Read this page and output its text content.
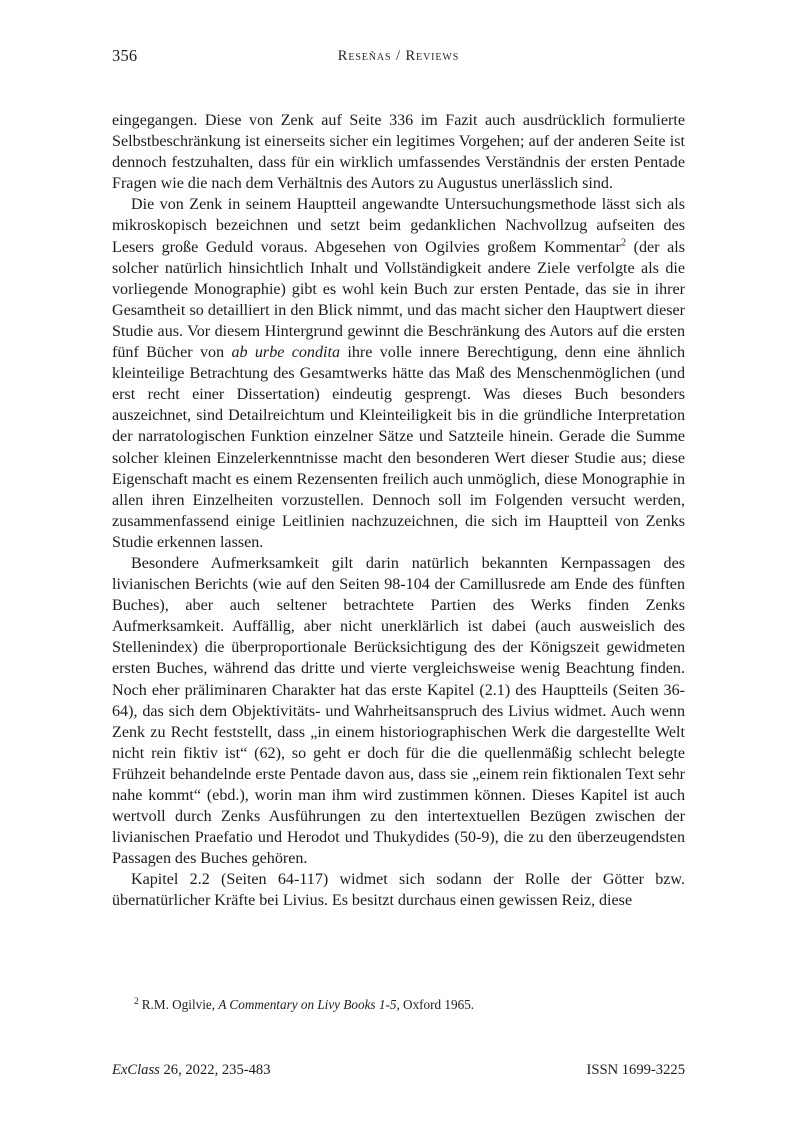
356	Reseñas / Reviews

eingegangen. Diese von Zenk auf Seite 336 im Fazit auch ausdrücklich formulierte Selbstbeschränkung ist einerseits sicher ein legitimes Vorgehen; auf der anderen Seite ist dennoch festzuhalten, dass für ein wirklich umfassendes Verständnis der ersten Pentade Fragen wie die nach dem Verhältnis des Autors zu Augustus unerlässlich sind.

Die von Zenk in seinem Hauptteil angewandte Untersuchungsmethode lässt sich als mikroskopisch bezeichnen und setzt beim gedanklichen Nachvollzug aufseiten des Lesers große Geduld voraus. Abgesehen von Ogilvies großem Kommentar$^2$ (der als solcher natürlich hinsichtlich Inhalt und Vollständigkeit andere Ziele verfolgte als die vorliegende Monographie) gibt es wohl kein Buch zur ersten Pentade, das sie in ihrer Gesamtheit so detailliert in den Blick nimmt, und das macht sicher den Hauptwert dieser Studie aus. Vor diesem Hintergrund gewinnt die Beschränkung des Autors auf die ersten fünf Bücher von ab urbe condita ihre volle innere Berechtigung, denn eine ähnlich kleinteilige Betrachtung des Gesamtwerks hätte das Maß des Menschenmöglichen (und erst recht einer Dissertation) eindeutig gesprengt. Was dieses Buch besonders auszeichnet, sind Detailreichtum und Kleinteiligkeit bis in die gründliche Interpretation der narratologischen Funktion einzelner Sätze und Satzteile hinein. Gerade die Summe solcher kleinen Einzelerkenntnisse macht den besonderen Wert dieser Studie aus; diese Eigenschaft macht es einem Rezensenten freilich auch unmöglich, diese Monographie in allen ihren Einzelheiten vorzustellen. Dennoch soll im Folgenden versucht werden, zusammenfassend einige Leitlinien nachzuzeichnen, die sich im Hauptteil von Zenks Studie erkennen lassen.

Besondere Aufmerksamkeit gilt darin natürlich bekannten Kernpassagen des livianischen Berichts (wie auf den Seiten 98-104 der Camillusrede am Ende des fünften Buches), aber auch seltener betrachtete Partien des Werks finden Zenks Aufmerksamkeit. Auffällig, aber nicht unerklärlich ist dabei (auch ausweislich des Stellenindex) die überproportionale Berücksichtigung des der Königszeit gewidmeten ersten Buches, während das dritte und vierte vergleichsweise wenig Beachtung finden. Noch eher präliminaren Charakter hat das erste Kapitel (2.1) des Hauptteils (Seiten 36-64), das sich dem Objektivitäts- und Wahrheitsanspruch des Livius widmet. Auch wenn Zenk zu Recht feststellt, dass „in einem historiographischen Werk die dargestellte Welt nicht rein fiktiv ist“ (62), so geht er doch für die die quellenmäßig schlecht belegte Frühzeit behandelnde erste Pentade davon aus, dass sie „einem rein fiktionalen Text sehr nahe kommt“ (ebd.), worin man ihm wird zustimmen können. Dieses Kapitel ist auch wertvoll durch Zenks Ausführungen zu den intertextuellen Bezügen zwischen der livianischen Praefatio und Herodot und Thukydides (50-9), die zu den überzeugendsten Passagen des Buches gehören.

Kapitel 2.2 (Seiten 64-117) widmet sich sodann der Rolle der Götter bzw. übernatürlicher Kräfte bei Livius. Es besitzt durchaus einen gewissen Reiz, diese

$^2$ R.M. Ogilvie, A Commentary on Livy Books 1-5, Oxford 1965.

ExClass 26, 2022, 235-483	ISSN 1699-3225
